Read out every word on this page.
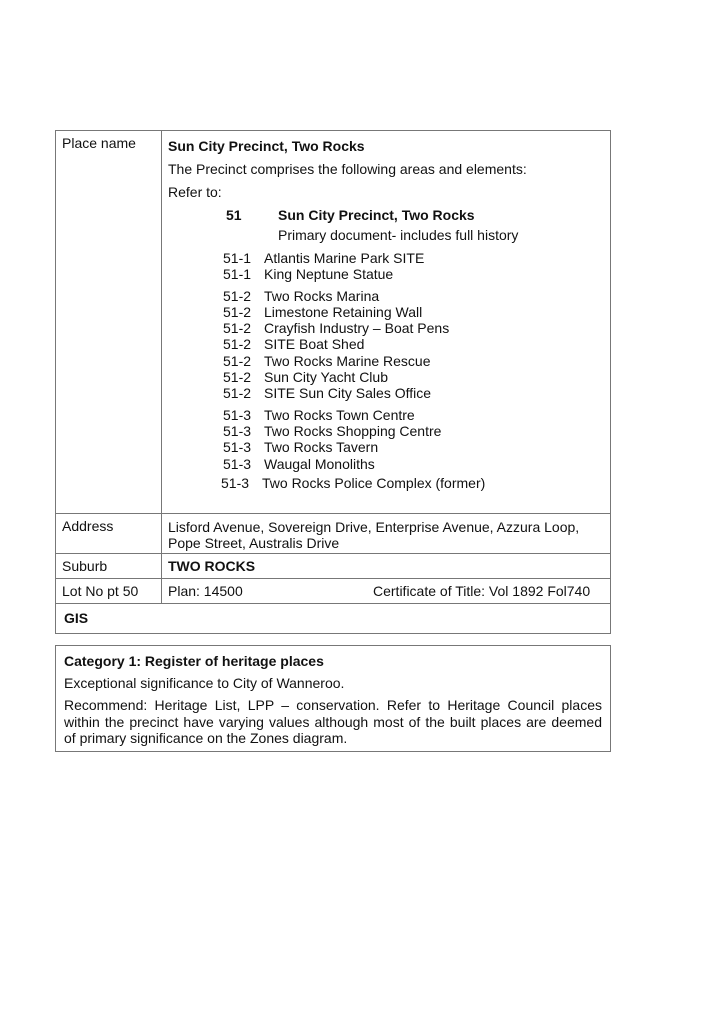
Place name	Sun City Precinct, Two Rocks
The Precinct comprises the following areas and elements:
Refer to:
51	Sun City Precinct, Two Rocks
Primary document- includes full history
51-1 Atlantis Marine Park SITE
51-1 King Neptune Statue
51-2 Two Rocks Marina
51-2 Limestone Retaining Wall
51-2 Crayfish Industry – Boat Pens
51-2 SITE Boat Shed
51-2 Two Rocks Marine Rescue
51-2 Sun City Yacht Club
51-2 SITE Sun City Sales Office
51-3 Two Rocks Town Centre
51-3 Two Rocks Shopping Centre
51-3 Two Rocks Tavern
51-3 Waugal Monoliths
51-3 Two Rocks Police Complex (former)
Address	Lisford Avenue, Sovereign Drive, Enterprise Avenue, Azzura Loop, Pope Street, Australis Drive
Suburb	TWO ROCKS
Lot No pt 50	Plan: 14500	Certificate of Title: Vol 1892 Fol740
GIS

Category 1: Register of heritage places

Exceptional significance to City of Wanneroo.

Recommend: Heritage List, LPP – conservation. Refer to Heritage Council places within the precinct have varying values although most of the built places are deemed of primary significance on the Zones diagram.
